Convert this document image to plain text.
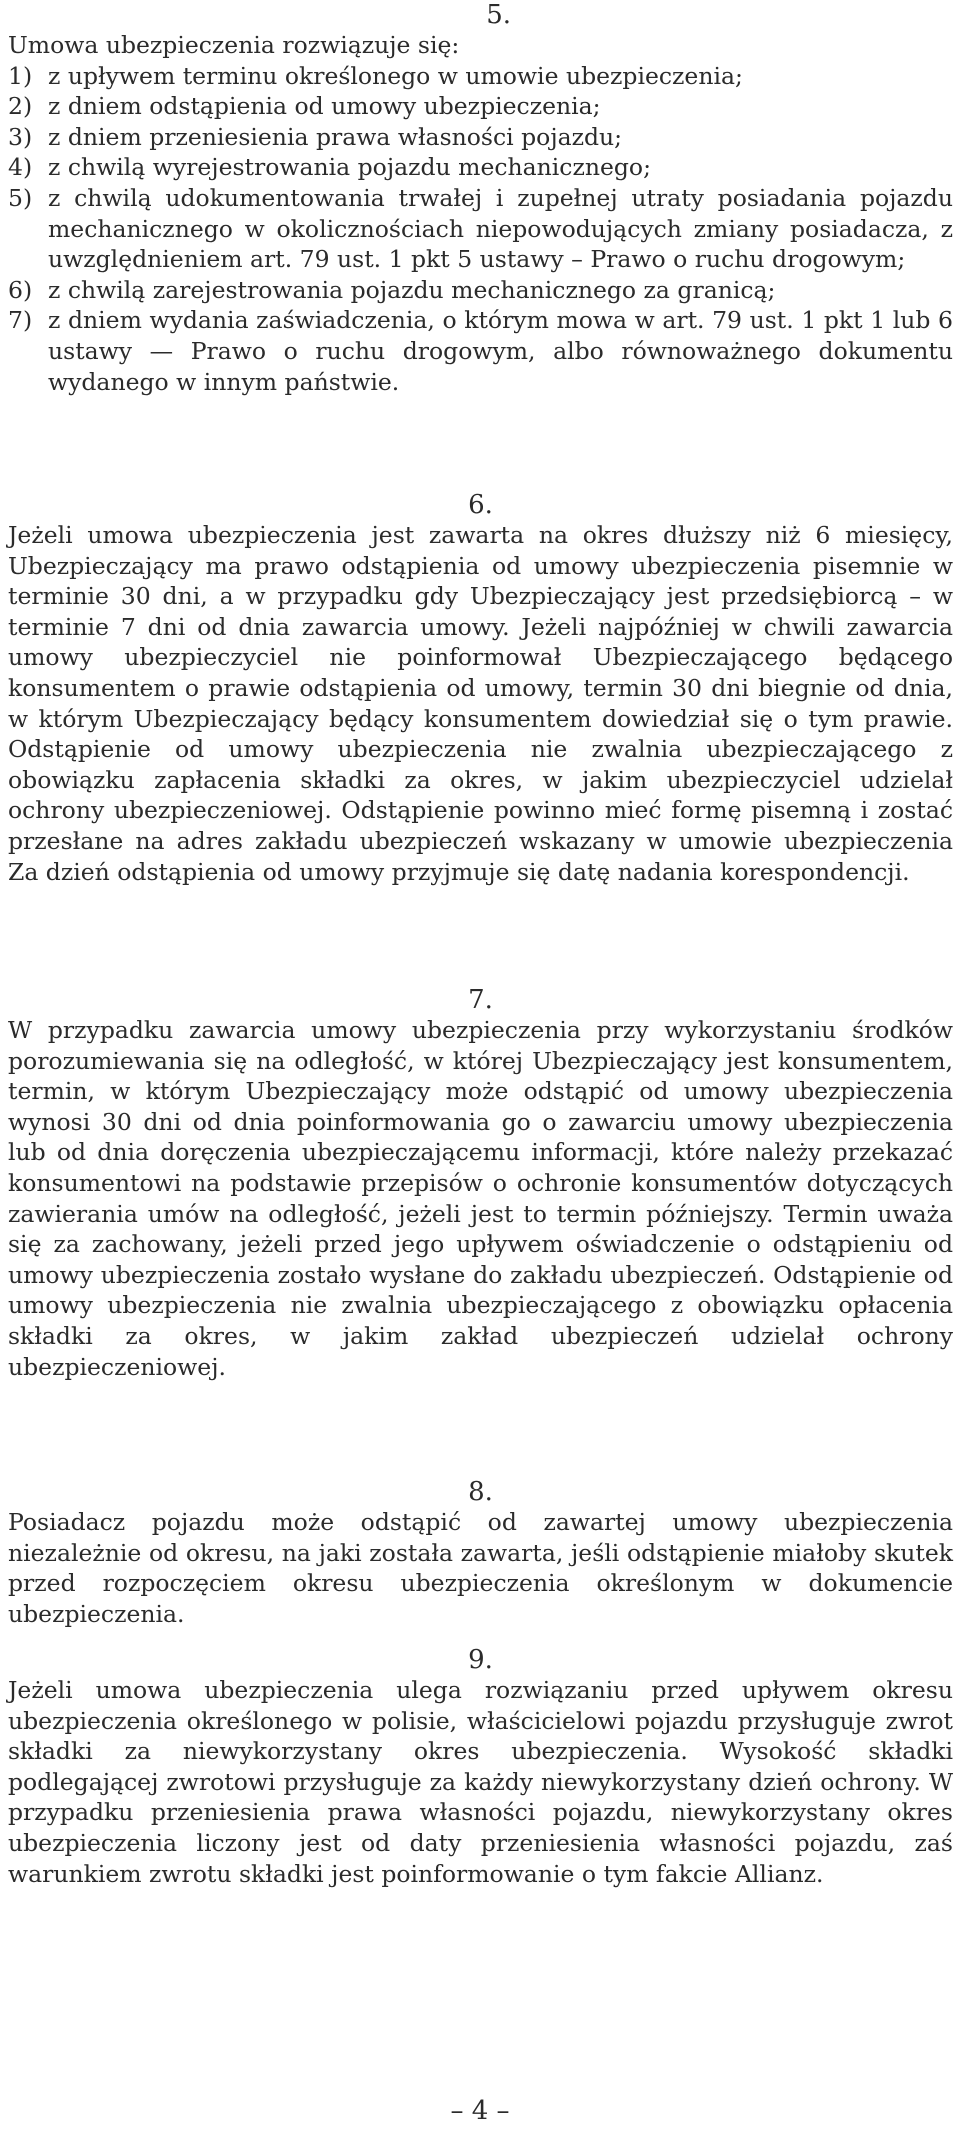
5.

Umowa ubezpieczenia rozwiązuje się:

1) z upływem terminu określonego w umowie ubezpieczenia;
2) z dniem odstąpienia od umowy ubezpieczenia;
3) z dniem przeniesienia prawa własności pojazdu;
4) z chwilą wyrejestrowania pojazdu mechanicznego;
5) z chwilą udokumentowania trwałej i zupełnej utraty posiadania pojazdu mechanicznego w okolicznościach niepowodujących zmiany posiadacza, z uwzględnieniem art. 79 ust. 1 pkt 5 ustawy – Prawo o ruchu drogowym;
6) z chwilą zarejestrowania pojazdu mechanicznego za granicą;
7) z dniem wydania zaświadczenia, o którym mowa w art. 79 ust. 1 pkt 1 lub 6 ustawy — Prawo o ruchu drogowym, albo równoważnego dokumentu wydanego w innym państwie.

6.

Jeżeli umowa ubezpieczenia jest zawarta na okres dłuższy niż 6 miesięcy, Ubezpieczający ma prawo odstąpienia od umowy ubezpieczenia pisemnie w terminie 30 dni, a w przypadku gdy Ubezpieczający jest przedsiębiorcą – w terminie 7 dni od dnia zawarcia umowy. Jeżeli najpóźniej w chwili zawarcia umowy ubezpieczyciel nie poinformował Ubezpieczającego będącego konsumentem o prawie odstąpienia od umowy, termin 30 dni biegnie od dnia, w którym Ubezpieczający będący konsumentem dowiedział się o tym prawie. Odstąpienie od umowy ubezpieczenia nie zwalnia ubezpieczającego z obowiązku zapłacenia składki za okres, w jakim ubezpieczyciel udzielał ochrony ubezpieczeniowej. Odstąpienie powinno mieć formę pisemną i zostać przesłane na adres zakładu ubezpieczeń wskazany w umowie ubezpieczenia Za dzień odstąpienia od umowy przyjmuje się datę nadania korespondencji.

7.

W przypadku zawarcia umowy ubezpieczenia przy wykorzystaniu środków porozumiewania się na odległość, w której Ubezpieczający jest konsumentem, termin, w którym Ubezpieczający może odstąpić od umowy ubezpieczenia wynosi 30 dni od dnia poinformowania go o zawarciu umowy ubezpieczenia lub od dnia doręczenia ubezpieczającemu informacji, które należy przekazać konsumentowi na podstawie przepisów o ochronie konsumentów dotyczących zawierania umów na odległość, jeżeli jest to termin późniejszy. Termin uważa się za zachowany, jeżeli przed jego upływem oświadczenie o odstąpieniu od umowy ubezpieczenia zostało wysłane do zakładu ubezpieczeń. Odstąpienie od umowy ubezpieczenia nie zwalnia ubezpieczającego z obowiązku opłacenia składki za okres, w jakim zakład ubezpieczeń udzielał ochrony ubezpieczeniowej.

8.

Posiadacz pojazdu może odstąpić od zawartej umowy ubezpieczenia niezależnie od okresu, na jaki została zawarta, jeśli odstąpienie miałoby skutek przed rozpoczęciem okresu ubezpieczenia określonym w dokumencie ubezpieczenia.

9.

Jeżeli umowa ubezpieczenia ulega rozwiązaniu przed upływem okresu ubezpieczenia określonego w polisie, właścicielowi pojazdu przysługuje zwrot składki za niewykorzystany okres ubezpieczenia. Wysokość składki podlegającej zwrotowi przysługuje za każdy niewykorzystany dzień ochrony. W przypadku przeniesienia prawa własności pojazdu, niewykorzystany okres ubezpieczenia liczony jest od daty przeniesienia własności pojazdu, zaś warunkiem zwrotu składki jest poinformowanie o tym fakcie Allianz.

– 4 –
